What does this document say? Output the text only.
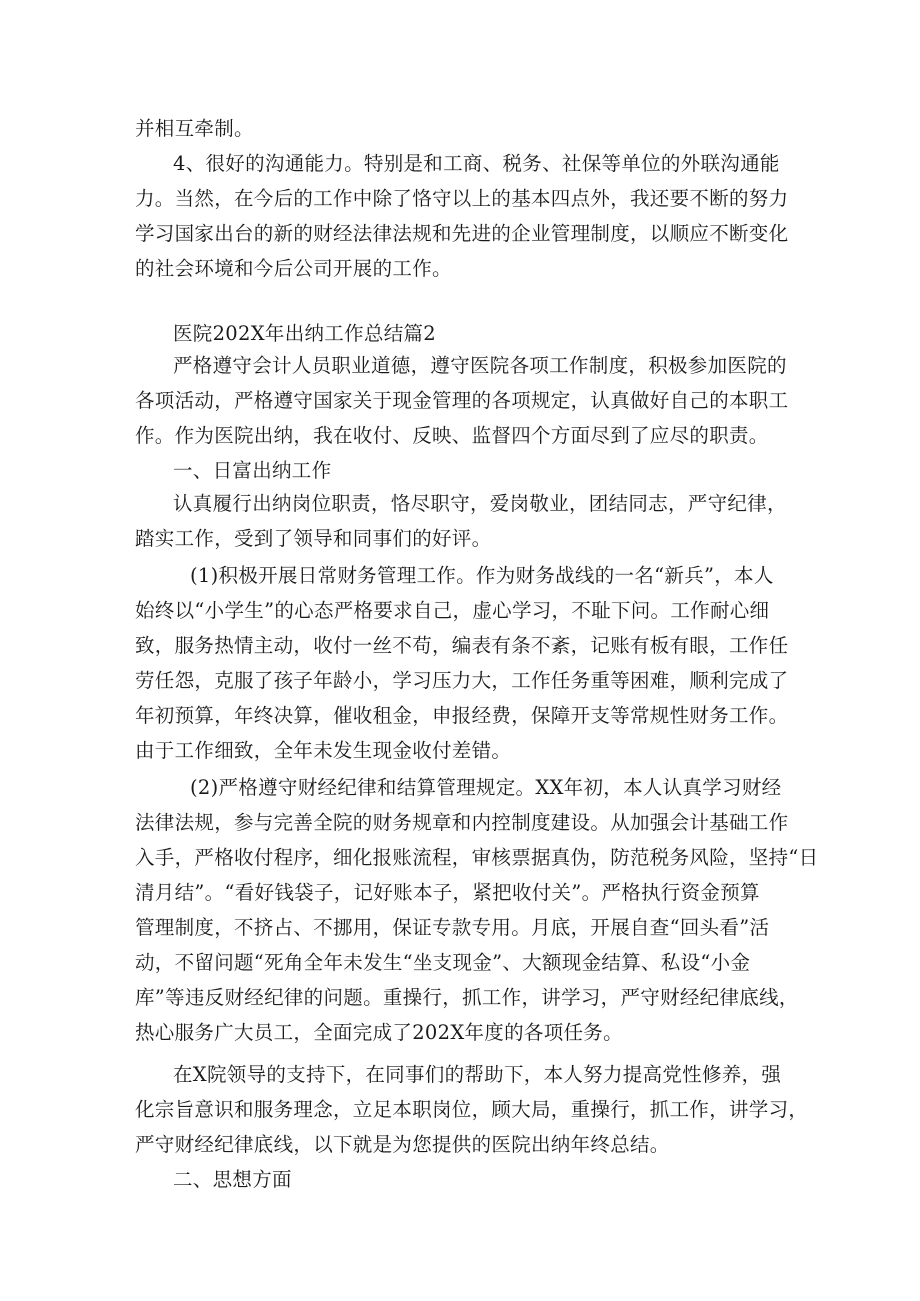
并相互牵制。
4、很好的沟通能力。特别是和工商、税务、社保等单位的外联沟通能
力。当然，在今后的工作中除了恪守以上的基本四点外，我还要不断的努力
学习国家出台的新的财经法律法规和先进的企业管理制度，以顺应不断变化
的社会环境和今后公司开展的工作。
医院202X年出纳工作总结篇2
严格遵守会计人员职业道德，遵守医院各项工作制度，积极参加医院的
各项活动，严格遵守国家关于现金管理的各项规定，认真做好自己的本职工
作。作为医院出纳，我在收付、反映、监督四个方面尽到了应尽的职责。
一、日富出纳工作
认真履行出纳岗位职责，恪尽职守，爱岗敬业，团结同志，严守纪律，
踏实工作，受到了领导和同事们的好评。
(1)积极开展日常财务管理工作。作为财务战线的一名“新兵”，本人
始终以“小学生”的心态严格要求自己，虚心学习，不耻下问。工作耐心细
致，服务热情主动，收付一丝不苟，编表有条不紊，记账有板有眼，工作任
劳任怨，克服了孩子年龄小，学习压力大，工作任务重等困难，顺利完成了
年初预算，年终决算，催收租金，申报经费，保障开支等常规性财务工作。
由于工作细致，全年未发生现金收付差错。
(2)严格遵守财经纪律和结算管理规定。XX年初，本人认真学习财经
法律法规，参与完善全院的财务规章和内控制度建设。从加强会计基础工作
入手，严格收付程序，细化报账流程，审核票据真伪，防范税务风险，坚持“日
清月结”。“看好钱袋子，记好账本子，紧把收付关”。严格执行资金预算
管理制度，不挤占、不挪用，保证专款专用。月底，开展自查“回头看”活
动，不留问题“死角全年未发生“坐支现金”、大额现金结算、私设“小金
库”等违反财经纪律的问题。重操行，抓工作，讲学习，严守财经纪律底线，
热心服务广大员工，全面完成了202X年度的各项任务。
在X院领导的支持下，在同事们的帮助下，本人努力提高党性修养，强
化宗旨意识和服务理念，立足本职岗位，顾大局，重操行，抓工作，讲学习，
严守财经纪律底线，以下就是为您提供的医院出纳年终总结。
二、思想方面
